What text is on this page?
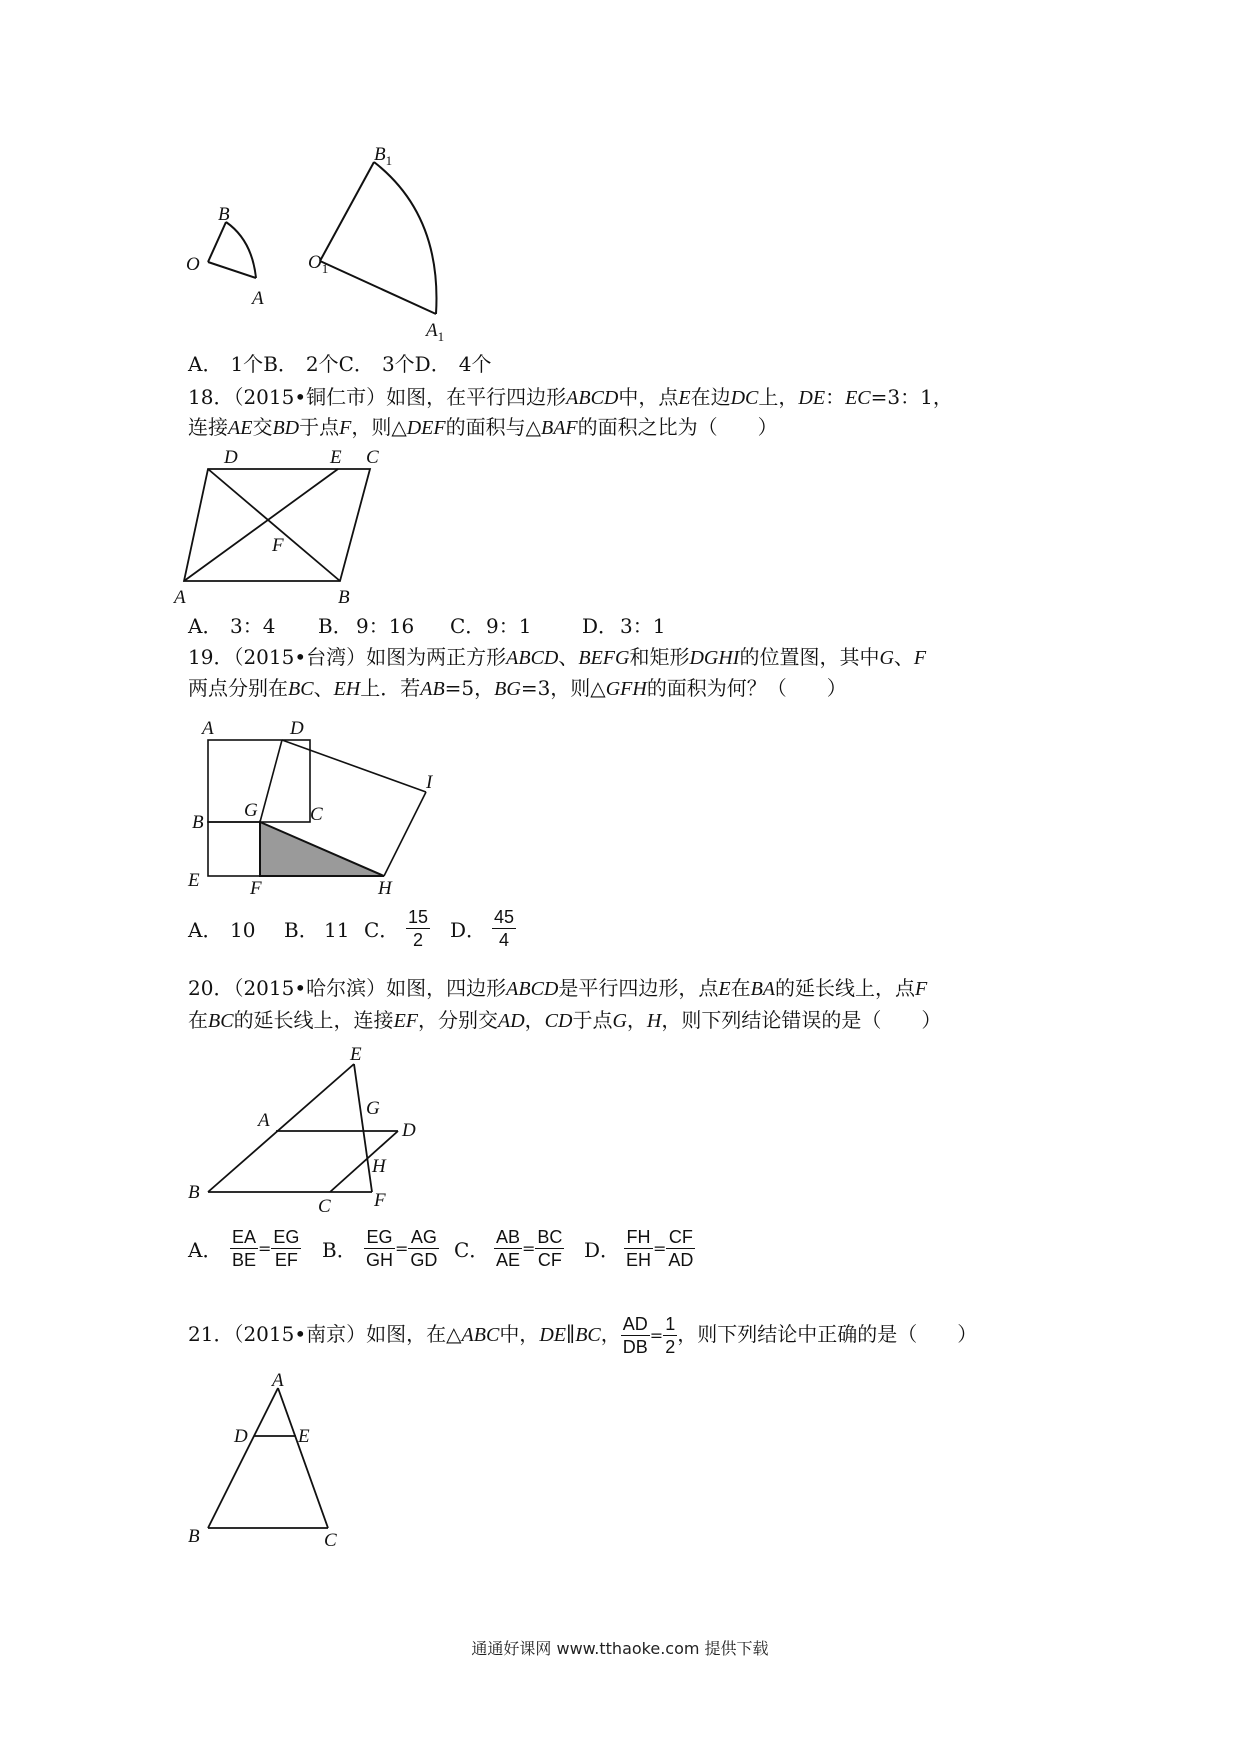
B
O
A
$B_1$
$O_1$
$A_1$
A． 1个B． 2个C． 3个D． 4个
18．（2015•铜仁市）如图，在平行四边形ABCD中，点E在边DC上，DE：EC=3：1，
连接AE交BD于点F，则△DEF的面积与△BAF的面积之比为（　　）
D	E C
F
A	B
A． 3：4 B． 9：16 C． 9：1	D． 3：1
19．（2015•台湾）如图为两正方形ABCD、BEFG和矩形DGHI的位置图，其中G、F
两点分别在BC、EH上．若AB=5，BG=3，则△GFH的面积为何？（　　）
A	D
I
G	C
B
E	F	H
A． 10 B． 11 C． $\frac{15}{2}$ D． $\frac{45}{4}$
20．（2015•哈尔滨）如图，四边形ABCD是平行四边形，点E在BA的延长线上，点F
在BC的延长线上，连接EF，分别交AD，CD于点G，H，则下列结论错误的是（　　）
E
A
G
D
H
B
C F
A． $\frac{EA}{BE} = \frac{EG}{EF}$ B． $\frac{EG}{GH} = \frac{AG}{GD}$ C． $\frac{AB}{AE} = \frac{BC}{CF}$ D． $\frac{FH}{EH} = \frac{CF}{AD}$
21．（2015•南京）如图，在△ABC中，DE∥BC， $\frac{AD}{DB} = \frac{1}{2}$ ，则下列结论中正确的是（　　）
A
D	E
B	C
通通好课网 www.tthaoke.com 提供下载
